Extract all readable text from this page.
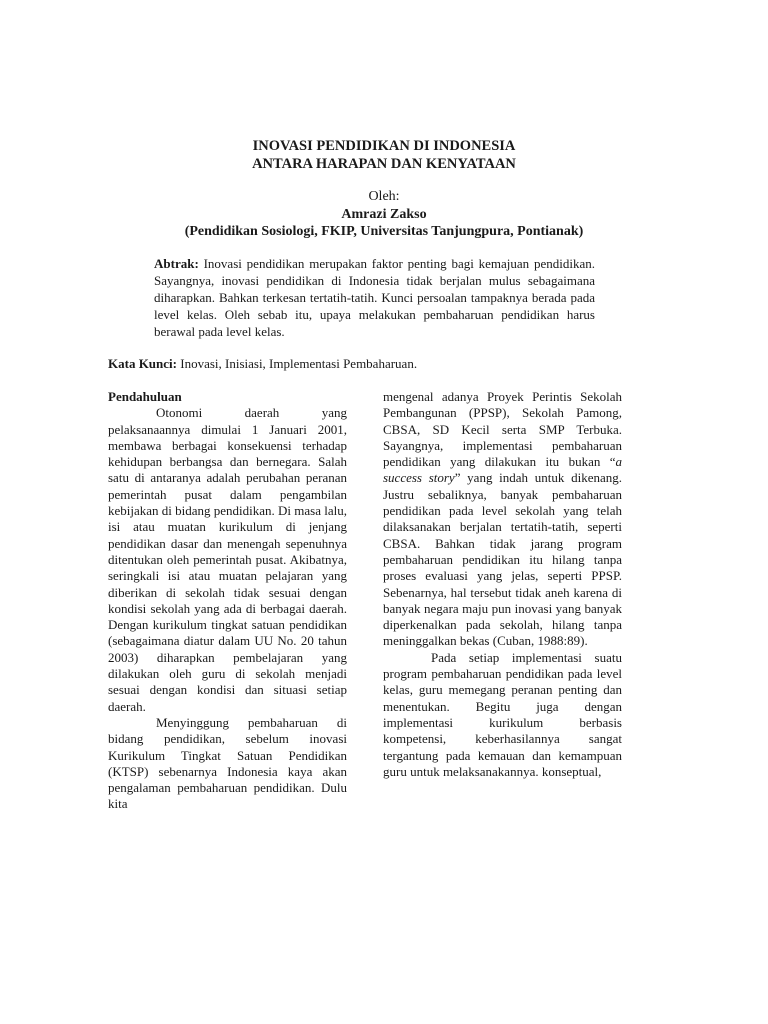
INOVASI PENDIDIKAN DI INDONESIA
ANTARA HARAPAN DAN KENYATAAN
Oleh:
Amrazi Zakso
(Pendidikan Sosiologi, FKIP, Universitas Tanjungpura, Pontianak)
Abtrak: Inovasi pendidikan merupakan faktor penting bagi kemajuan pendidikan. Sayangnya, inovasi pendidikan di Indonesia tidak berjalan mulus sebagaimana diharapkan. Bahkan terkesan tertatih-tatih. Kunci persoalan tampaknya berada pada level kelas. Oleh sebab itu, upaya melakukan pembaharuan pendidikan harus berawal pada level kelas.
Kata Kunci: Inovasi, Inisiasi, Implementasi Pembaharuan.
Pendahuluan

Otonomi daerah yang pelaksanaannya dimulai 1 Januari 2001, membawa berbagai konsekuensi terhadap kehidupan berbangsa dan bernegara. Salah satu di antaranya adalah perubahan peranan pemerintah pusat dalam pengambilan kebijakan di bidang pendidikan. Di masa lalu, isi atau muatan kurikulum di jenjang pendidikan dasar dan menengah sepenuhnya ditentukan oleh pemerintah pusat. Akibatnya, seringkali isi atau muatan pelajaran yang diberikan di sekolah tidak sesuai dengan kondisi sekolah yang ada di berbagai daerah. Dengan kurikulum tingkat satuan pendidikan (sebagaimana diatur dalam UU No. 20 tahun 2003) diharapkan pembelajaran yang dilakukan oleh guru di sekolah menjadi sesuai dengan kondisi dan situasi setiap daerah.

Menyinggung pembaharuan di bidang pendidikan, sebelum inovasi Kurikulum Tingkat Satuan Pendidikan (KTSP) sebenarnya Indonesia kaya akan pengalaman pembaharuan pendidikan. Dulu kita

mengenal adanya Proyek Perintis Sekolah Pembangunan (PPSP), Sekolah Pamong, CBSA, SD Kecil serta SMP Terbuka. Sayangnya, implementasi pembaharuan pendidikan yang dilakukan itu bukan “a success story” yang indah untuk dikenang. Justru sebaliknya, banyak pembaharuan pendidikan pada level sekolah yang telah dilaksanakan berjalan tertatih-tatih, seperti CBSA. Bahkan tidak jarang program pembaharuan pendidikan itu hilang tanpa proses evaluasi yang jelas, seperti PPSP. Sebenarnya, hal tersebut tidak aneh karena di banyak negara maju pun inovasi yang banyak diperkenalkan pada sekolah, hilang tanpa meninggalkan bekas (Cuban, 1988:89).

Pada setiap implementasi suatu program pembaharuan pendidikan pada level kelas, guru memegang peranan penting dan menentukan. Begitu juga dengan implementasi kurikulum berbasis kompetensi, keberhasilannya sangat tergantung pada kemauan dan kemampuan guru untuk melaksanakannya. konseptual,
